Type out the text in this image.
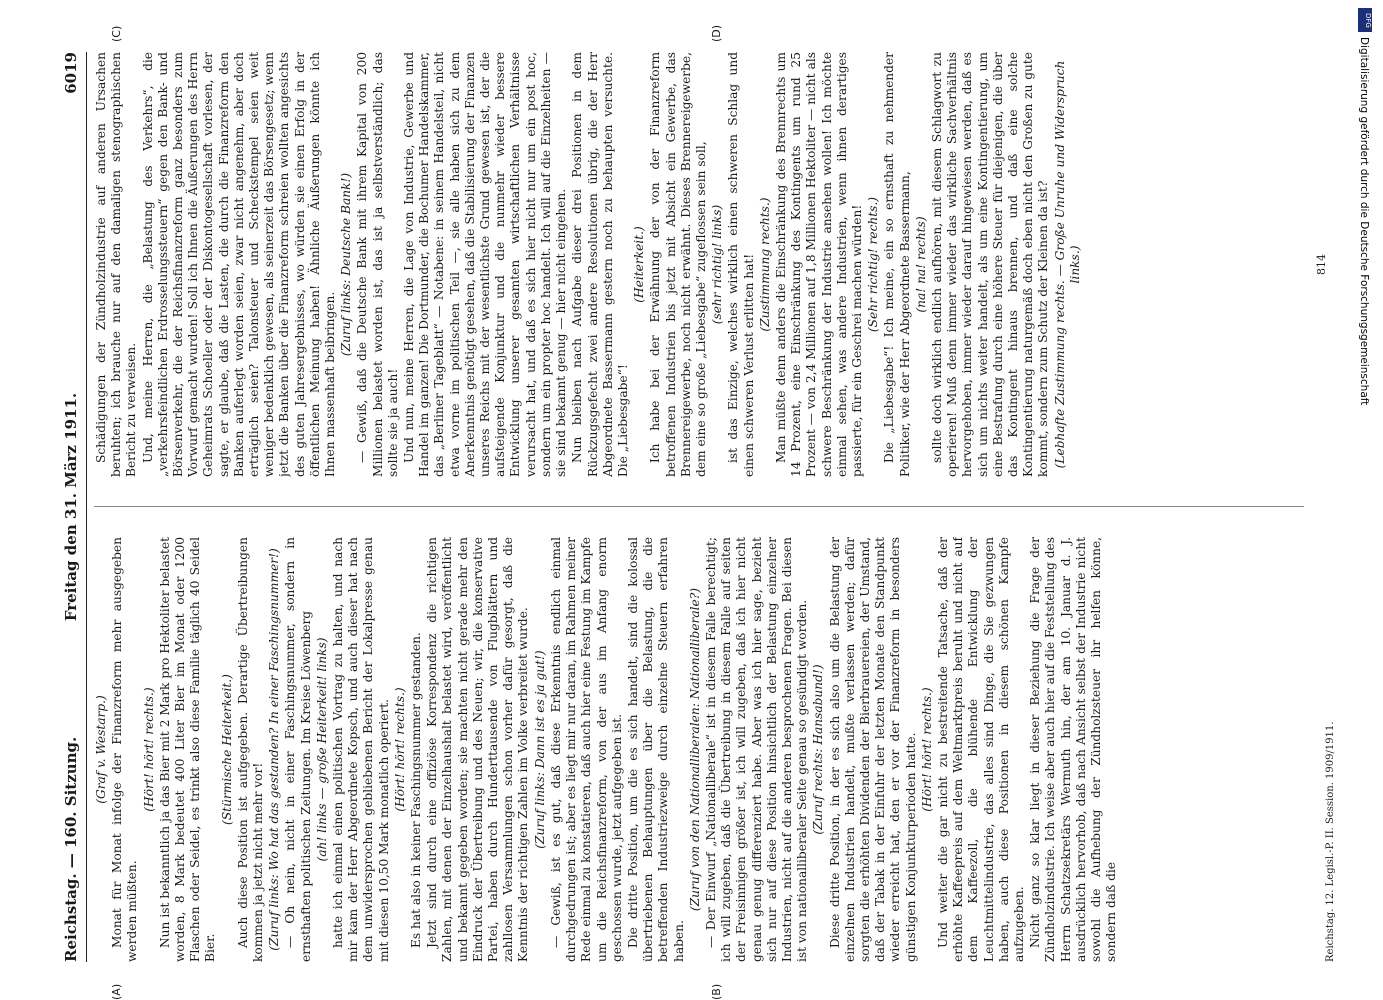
Reichstag. — 160. Sitzung.
Freitag den 31. März 1911.
6019
(A)	(B)
(C)	(D)

(Graf v. Westarp.) Monat für Monat infolge der Finanzreform mehr ausgegeben werden müßten.

(Hört! hört! rechts.) Nun ist bekanntlich ja das Bier mit 2 Mark pro Hektoliter belastet worden, 8 Mark bedeutet 400 Liter Bier im Monat oder 1200 Flaschen oder Seidel, es trinkt also diese Familie täglich 40 Seidel Bier.

(Stürmische Heiterkeit.) Auch diese Position ist aufgegeben. Derartige Übertreibungen kommen ja jetzt nicht mehr vor! (Zuruf links: Wo hat das gestanden? In einer Faschingsnummer!) — Oh nein, nicht in einer Faschingsnummer, sondern in ernsthaften politischen Zeitungen. Im Kreise Löwenberg (ah! links — große Heiterkeit! links) hatte ich einmal einen politischen Vortrag zu halten, und nach mir kam der Herr Abgeordnete Kopsch, und auch dieser hat nach dem unwidersprochen gebliebenen Bericht der Lokalpresse genau mit diesen 10,50 Mark monatlich operiert. (Hört! hört! rechts.) Es hat also in keiner Faschingsnummer gestanden. Jetzt sind durch eine offiziöse Korrespondenz die richtigen Zahlen, mit denen der Einzelhaushalt belastet wird, veröffentlicht und bekannt gegeben worden; sie machten nicht gerade mehr den Eindruck der Übertreibung und des Neuen; wir, die konservative Partei, haben durch Hunderttausende von Flugblättern und zahllosen Versammlungen schon vorher dafür gesorgt, daß die Kenntnis der richtigen Zahlen im Volke verbreitet wurde. (Zuruf links: Dann ist es ja gut!) — Gewiß, ist es gut, daß diese Erkenntnis endlich einmal durchgedrungen ist; aber es liegt mir nur daran, im Rahmen meiner Rede einmal zu konstatieren, daß auch hier eine Festung im Kampfe um die Reichsfinanzreform, von der aus im Anfang enorm geschossen wurde, jetzt aufgegeben ist. Die dritte Position, um die es sich handelt, sind die kolossal übertriebenen Behauptungen über die Belastung, die die betreffenden Industriezweige durch einzelne Steuern erfahren haben.

(Zuruf von den Nationalliberalen: Nationalliberale?) — Der Einwurf „Nationalliberale“ ist in diesem Falle berechtigt; ich will zugeben, daß die Übertreibung in diesem Falle auf seiten der Freisinnigen größer ist, ich will zugeben, daß ich hier nicht genau genug differenziert habe. Aber was ich hier sage, bezieht sich nur auf diese Position hinsichtlich der Belastung einzelner Industrien, nicht auf die anderen besprochenen Fragen. Bei diesen ist von nationalliberaler Seite genau so gesündigt worden. (Zuruf rechts: Hansabund!) Diese dritte Position, in der es sich also um die Belastung der einzelnen Industrien handelt, mußte verlassen werden; dafür sorgten die erhöhten Dividenden der Bierbrauereien, der Umstand, daß der Tabak in der Einfuhr der letzten Monate den Standpunkt wieder erreicht hat, den er vor der Finanzreform in besonders günstigen Konjunkturperioden hatte. (Hört! hört! rechts.) Und weiter die gar nicht zu bestreitende Tatsache, daß der erhöhte Kaffeepreis auf dem Weltmarktpreis beruht und nicht auf dem Kaffeezoll, die blühende Entwicklung der Leuchtmittelindustrie, das alles sind Dinge, die Sie gezwungen haben, auch diese Positionen in diesem schönen Kampfe aufzugeben. Nicht ganz so klar liegt in dieser Beziehung die Frage der Zündholzindustrie. Ich weise aber auch hier auf die Feststellung des Herrn Schatzsekretärs Wermuth hin, der am 10. Januar d. J. ausdrücklich hervorhob, daß nach Ansicht selbst der Industrie nicht sowohl die Aufhebung der Zündholzsteuer ihr helfen könne, sondern daß die

Schädigungen der Zündholzindustrie auf anderen Ursachen beruhten; ich brauche nur auf den damaligen stenographischen Bericht zu verweisen. Und, meine Herren, die „Belastung des Verkehrs“, die „verkehrsfeindlichen Erdrosselungssteuern“ gegen den Bank- und Börsenverkehr, die der Reichsfinanzreform ganz besonders zum Vorwurf gemacht wurden! Soll ich Ihnen die Äußerungen des Herrn Geheimrats Schoeller oder der Diskontogesellschaft vorlesen, der sagte, er glaube, daß die Lasten, die durch die Finanzreform den Banken auferlegt worden seien, zwar nicht angenehm, aber doch erträglich seien? Talonsteuer und Scheckstempel seien weit weniger bedenklich gewesen, als seinerzeit das Börsengesetz; wenn jetzt die Banken über die Finanzreform schreien wollten angesichts des guten Jahresergebnisses, wo würden sie einen Erfolg in der öffentlichen Meinung haben! Ähnliche Äußerungen könnte ich Ihnen massenhaft beibringen.

(Zuruf links: Deutsche Bank!) — Gewiß, daß die Deutsche Bank mit ihrem Kapital von 200 Millionen belastet worden ist, das ist ja selbstverständlich; das sollte sie ja auch! Und nun, meine Herren, die Lage von Industrie, Gewerbe und Handel im ganzen! Die Dortmunder, die Bochumer Handelskammer, das „Berliner Tageblatt“ — Notabene: in seinem Handelsteil, nicht etwa vorne im politischen Teil —, sie alle haben sich zu dem Anerkenntnis genötigt gesehen, daß die Stabilisierung der Finanzen unseres Reichs mit der wesentlichste Grund gewesen ist, der die aufsteigende Konjunktur und die nunmehr wieder bessere Entwicklung unserer gesamten wirtschaftlichen Verhältnisse verursacht hat, und daß es sich hier nicht nur um ein post hoc, sondern um ein propter hoc handelt. Ich will auf die Einzelheiten — sie sind bekannt genug — hier nicht eingehen. Nun bleiben nach Aufgabe dieser drei Positionen in dem Rückzugsgefecht zwei andere Resolutionen übrig, die der Herr Abgeordnete Bassermann gestern noch zu behaupten versuchte. Die „Liebesgabe“!

(Heiterkeit.) Ich habe bei der Erwähnung der von der Finanzreform betroffenen Industrien bis jetzt mit Absicht ein Gewerbe, das Brennereigewerbe, noch nicht erwähnt. Dieses Brennereigewerbe, dem eine so große „Liebesgabe“ zugeflossen sein soll, (sehr richtig! links) ist das Einzige, welches wirklich einen schweren Schlag und einen schweren Verlust erlitten hat! (Zustimmung rechts.) Man müßte denn anders die Einschränkung des Brennrechts um 14 Prozent, eine Einschränkung des Kontingents um rund 25 Prozent — von 2,4 Millionen auf 1,8 Millionen Hektoliter — nicht als schwere Beschränkung der Industrie ansehen wollen! Ich möchte einmal sehen, was andere Industrien, wenn ihnen derartiges passierte, für ein Geschrei machen würden! (Sehr richtig! rechts.) Die „Liebesgabe“! Ich meine, ein so ernsthaft zu nehmender Politiker, wie der Herr Abgeordnete Bassermann, (na! na! rechts) sollte doch wirklich endlich aufhören, mit diesem Schlagwort zu operieren! Muß denn immer wieder das wirkliche Sachverhältnis hervorgehoben, immer wieder darauf hingewiesen werden, daß es sich um nichts weiter handelt, als um eine Kontingentierung, um eine Bestrafung durch eine höhere Steuer für diejenigen, die über das Kontingent hinaus brennen, und daß eine solche Kontingentierung naturgemäß doch eben nicht den Großen zu gute kommt, sondern zum Schutz der Kleinen da ist? (Lebhafte Zustimmung rechts. — Große Unruhe und Widerspruch links.)

Reichstag. 12. Legisl.-P. II. Session. 1909/1911.
814
DFG
Digitalisierung gefördert durch die Deutsche Forschungsgemeinschaft
